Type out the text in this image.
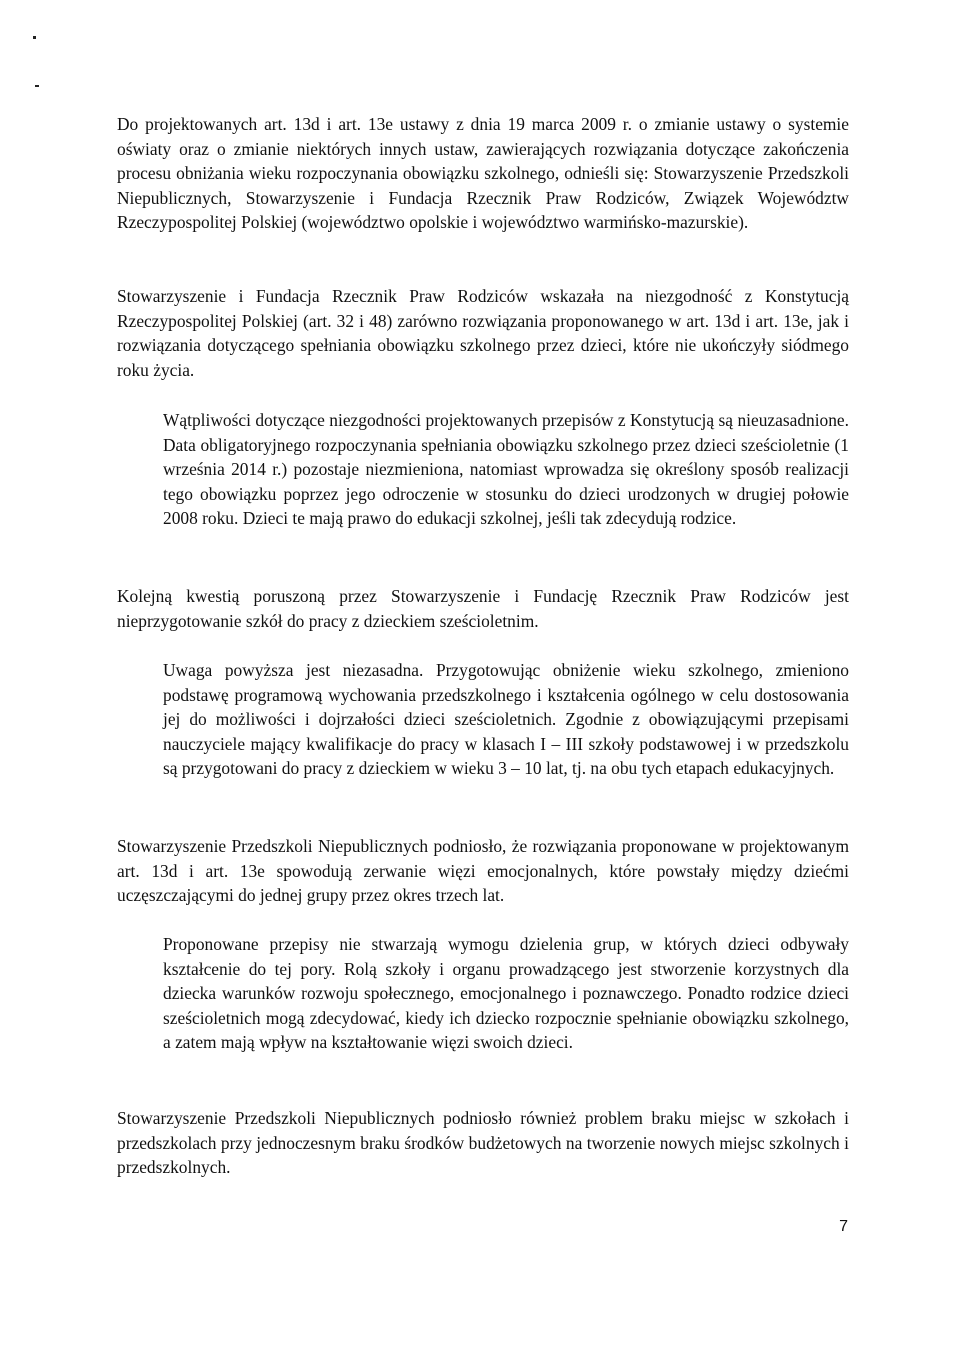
Do projektowanych art. 13d i art. 13e ustawy z dnia 19 marca 2009 r. o zmianie ustawy o systemie oświaty oraz o zmianie niektórych innych ustaw, zawierających rozwiązania dotyczące zakończenia procesu obniżania wieku rozpoczynania obowiązku szkolnego, odnieśli się: Stowarzyszenie Przedszkoli Niepublicznych, Stowarzyszenie i Fundacja Rzecznik Praw Rodziców, Związek Województw Rzeczypospolitej Polskiej (województwo opolskie i województwo warmińsko-mazurskie).

Stowarzyszenie i Fundacja Rzecznik Praw Rodziców wskazała na niezgodność z Konstytucją Rzeczypospolitej Polskiej (art. 32 i 48) zarówno rozwiązania proponowanego w art. 13d i art. 13e, jak i rozwiązania dotyczącego spełniania obowiązku szkolnego przez dzieci, które nie ukończyły siódmego roku życia.

Wątpliwości dotyczące niezgodności projektowanych przepisów z Konstytucją są nieuzasadnione. Data obligatoryjnego rozpoczynania spełniania obowiązku szkolnego przez dzieci sześcioletnie (1 września 2014 r.) pozostaje niezmieniona, natomiast wprowadza się określony sposób realizacji tego obowiązku poprzez jego odroczenie w stosunku do dzieci urodzonych w drugiej połowie 2008 roku. Dzieci te mają prawo do edukacji szkolnej, jeśli tak zdecydują rodzice.

Kolejną kwestią poruszoną przez Stowarzyszenie i Fundację Rzecznik Praw Rodziców jest nieprzygotowanie szkół do pracy z dzieckiem sześcioletnim.

Uwaga powyższa jest niezasadna. Przygotowując obniżenie wieku szkolnego, zmieniono podstawę programową wychowania przedszkolnego i kształcenia ogólnego w celu dostosowania jej do możliwości i dojrzałości dzieci sześcioletnich. Zgodnie z obowiązującymi przepisami nauczyciele mający kwalifikacje do pracy w klasach I – III szkoły podstawowej i w przedszkolu są przygotowani do pracy z dzieckiem w wieku 3 – 10 lat, tj. na obu tych etapach edukacyjnych.

Stowarzyszenie Przedszkoli Niepublicznych podniosło, że rozwiązania proponowane w projektowanym art. 13d i art. 13e spowodują zerwanie więzi emocjonalnych, które powstały między dziećmi uczęszczającymi do jednej grupy przez okres trzech lat.

Proponowane przepisy nie stwarzają wymogu dzielenia grup, w których dzieci odbywały kształcenie do tej pory. Rolą szkoły i organu prowadzącego jest stworzenie korzystnych dla dziecka warunków rozwoju społecznego, emocjonalnego i poznawczego. Ponadto rodzice dzieci sześcioletnich mogą zdecydować, kiedy ich dziecko rozpocznie spełnianie obowiązku szkolnego, a zatem mają wpływ na kształtowanie więzi swoich dzieci.

Stowarzyszenie Przedszkoli Niepublicznych podniosło również problem braku miejsc w szkołach i przedszkolach przy jednoczesnym braku środków budżetowych na tworzenie nowych miejsc szkolnych i przedszkolnych.

7
